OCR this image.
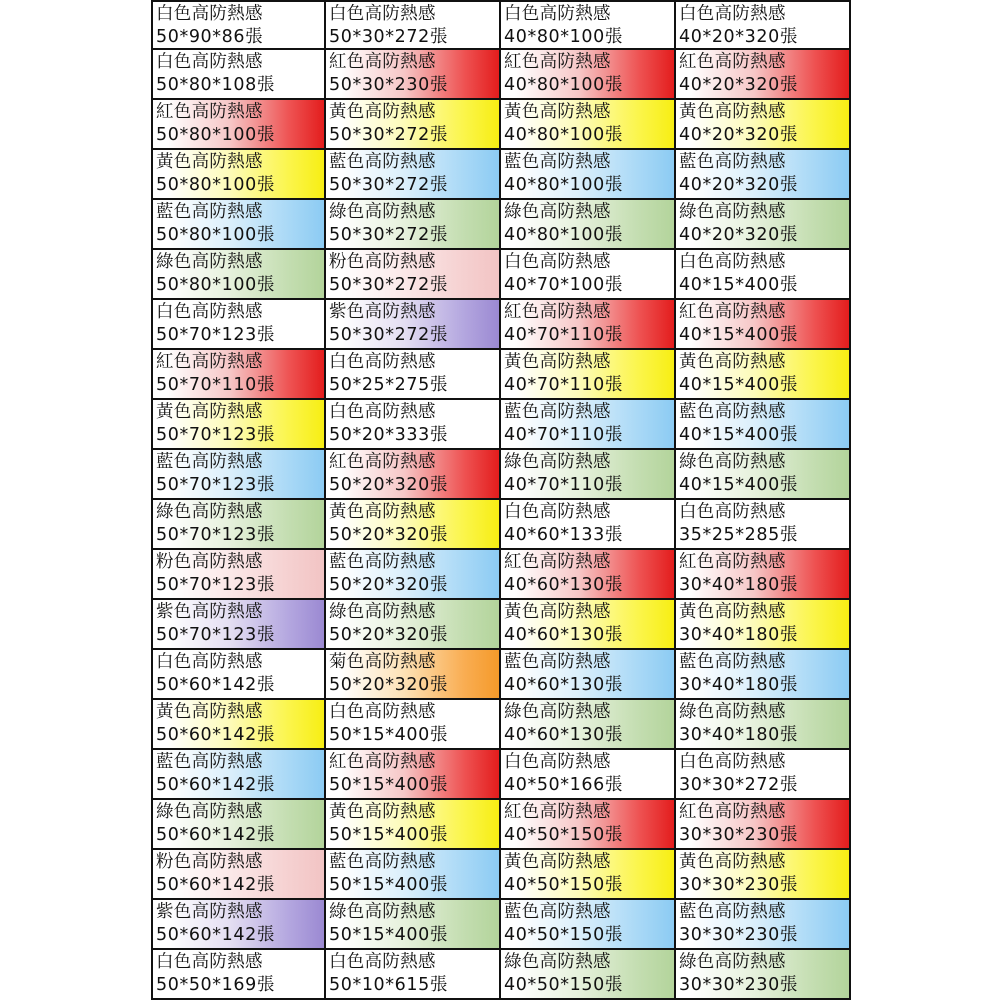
白色高防熱感
50*90*86張
白色高防熱感
50*30*272張
白色高防熱感
40*80*100張
白色高防熱感
40*20*320張
白色高防熱感
50*80*108張
紅色高防熱感
50*30*230張
紅色高防熱感
40*80*100張
紅色高防熱感
40*20*320張
紅色高防熱感
50*80*100張
黃色高防熱感
50*30*272張
黃色高防熱感
40*80*100張
黃色高防熱感
40*20*320張
黃色高防熱感
50*80*100張
藍色高防熱感
50*30*272張
藍色高防熱感
40*80*100張
藍色高防熱感
40*20*320張
藍色高防熱感
50*80*100張
綠色高防熱感
50*30*272張
綠色高防熱感
40*80*100張
綠色高防熱感
40*20*320張
綠色高防熱感
50*80*100張
粉色高防熱感
50*30*272張
白色高防熱感
40*70*100張
白色高防熱感
40*15*400張
白色高防熱感
50*70*123張
紫色高防熱感
50*30*272張
紅色高防熱感
40*70*110張
紅色高防熱感
40*15*400張
紅色高防熱感
50*70*110張
白色高防熱感
50*25*275張
黃色高防熱感
40*70*110張
黃色高防熱感
40*15*400張
黃色高防熱感
50*70*123張
白色高防熱感
50*20*333張
藍色高防熱感
40*70*110張
藍色高防熱感
40*15*400張
藍色高防熱感
50*70*123張
紅色高防熱感
50*20*320張
綠色高防熱感
40*70*110張
綠色高防熱感
40*15*400張
綠色高防熱感
50*70*123張
黃色高防熱感
50*20*320張
白色高防熱感
40*60*133張
白色高防熱感
35*25*285張
粉色高防熱感
50*70*123張
藍色高防熱感
50*20*320張
紅色高防熱感
40*60*130張
紅色高防熱感
30*40*180張
紫色高防熱感
50*70*123張
綠色高防熱感
50*20*320張
黃色高防熱感
40*60*130張
黃色高防熱感
30*40*180張
白色高防熱感
50*60*142張
菊色高防熱感
50*20*320張
藍色高防熱感
40*60*130張
藍色高防熱感
30*40*180張
黃色高防熱感
50*60*142張
白色高防熱感
50*15*400張
綠色高防熱感
40*60*130張
綠色高防熱感
30*40*180張
藍色高防熱感
50*60*142張
紅色高防熱感
50*15*400張
白色高防熱感
40*50*166張
白色高防熱感
30*30*272張
綠色高防熱感
50*60*142張
黃色高防熱感
50*15*400張
紅色高防熱感
40*50*150張
紅色高防熱感
30*30*230張
粉色高防熱感
50*60*142張
藍色高防熱感
50*15*400張
黃色高防熱感
40*50*150張
黃色高防熱感
30*30*230張
紫色高防熱感
50*60*142張
綠色高防熱感
50*15*400張
藍色高防熱感
40*50*150張
藍色高防熱感
30*30*230張
白色高防熱感
50*50*169張
白色高防熱感
50*10*615張
綠色高防熱感
40*50*150張
綠色高防熱感
30*30*230張
